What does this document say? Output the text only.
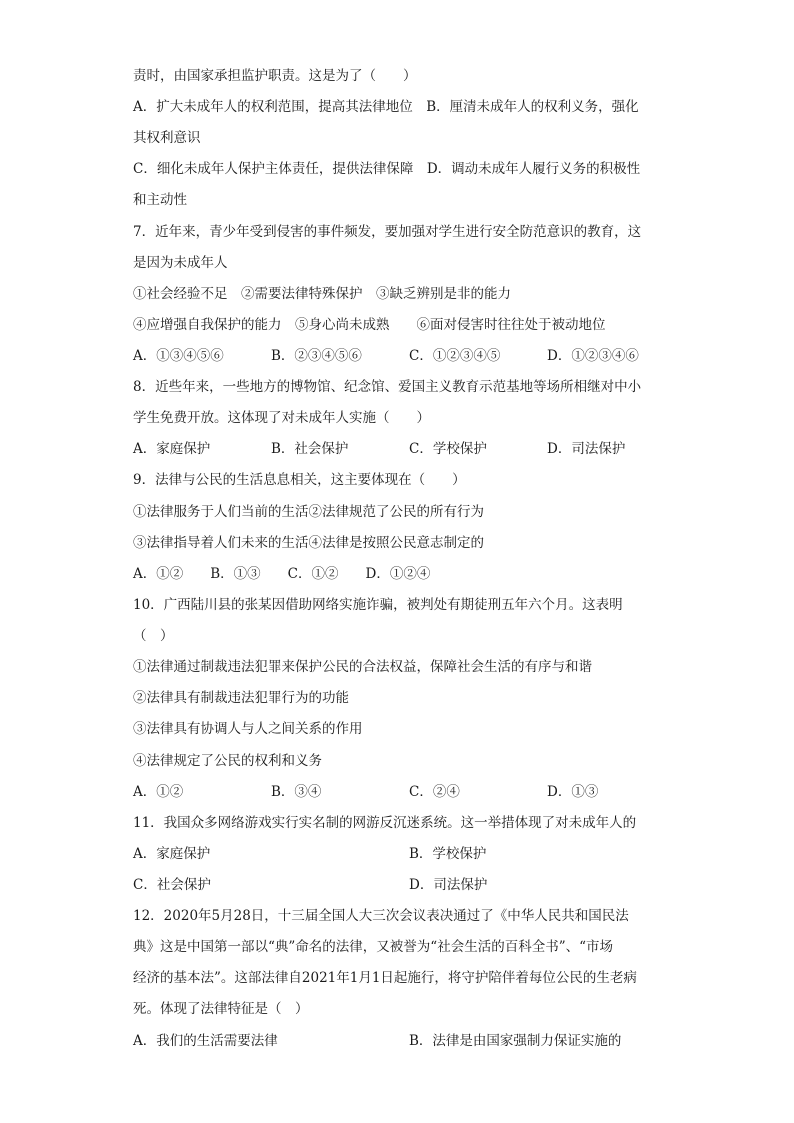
责时，由国家承担监护职责。这是为了（　　）
A．扩大未成年人的权利范围，提高其法律地位　B．厘清未成年人的权利义务，强化
其权利意识
C．细化未成年人保护主体责任，提供法律保障　D．调动未成年人履行义务的积极性
和主动性
7．近年来，青少年受到侵害的事件频发，要加强对学生进行安全防范意识的教育，这
是因为未成年人
①社会经验不足　②需要法律特殊保护　③缺乏辨别是非的能力
④应增强自我保护的能力　⑤身心尚未成熟　　⑥面对侵害时往往处于被动地位
A．①③④⑤⑥	B．②③④⑤⑥	C．①②③④⑤	D．①②③④⑥
8．近些年来，一些地方的博物馆、纪念馆、爱国主义教育示范基地等场所相继对中小
学生免费开放。这体现了对未成年人实施（　　）
A．家庭保护	B．社会保护	C．学校保护	D．司法保护
9．法律与公民的生活息息相关，这主要体现在（　　）
①法律服务于人们当前的生活②法律规范了公民的所有行为
③法律指导着人们未来的生活④法律是按照公民意志制定的
A．①②　　B．①③　　C．①②　　D．①②④
10．广西陆川县的张某因借助网络实施诈骗，被判处有期徒刑五年六个月。这表明
（　）
①法律通过制裁违法犯罪来保护公民的合法权益，保障社会生活的有序与和谐
②法律具有制裁违法犯罪行为的功能
③法律具有协调人与人之间关系的作用
④法律规定了公民的权利和义务
A．①②	B．③④	C．②④	D．①③
11．我国众多网络游戏实行实名制的网游反沉迷系统。这一举措体现了对未成年人的
A．家庭保护	B．学校保护
C．社会保护	D．司法保护
12．2020年5月28日，十三届全国人大三次会议表决通过了《中华人民共和国民法
典》这是中国第一部以“典”命名的法律，又被誉为“社会生活的百科全书”、“市场
经济的基本法”。这部法律自2021年1月1日起施行，将守护陪伴着每位公民的生老病
死。体现了法律特征是（　）
A．我们的生活需要法律	B．法律是由国家强制力保证实施的
